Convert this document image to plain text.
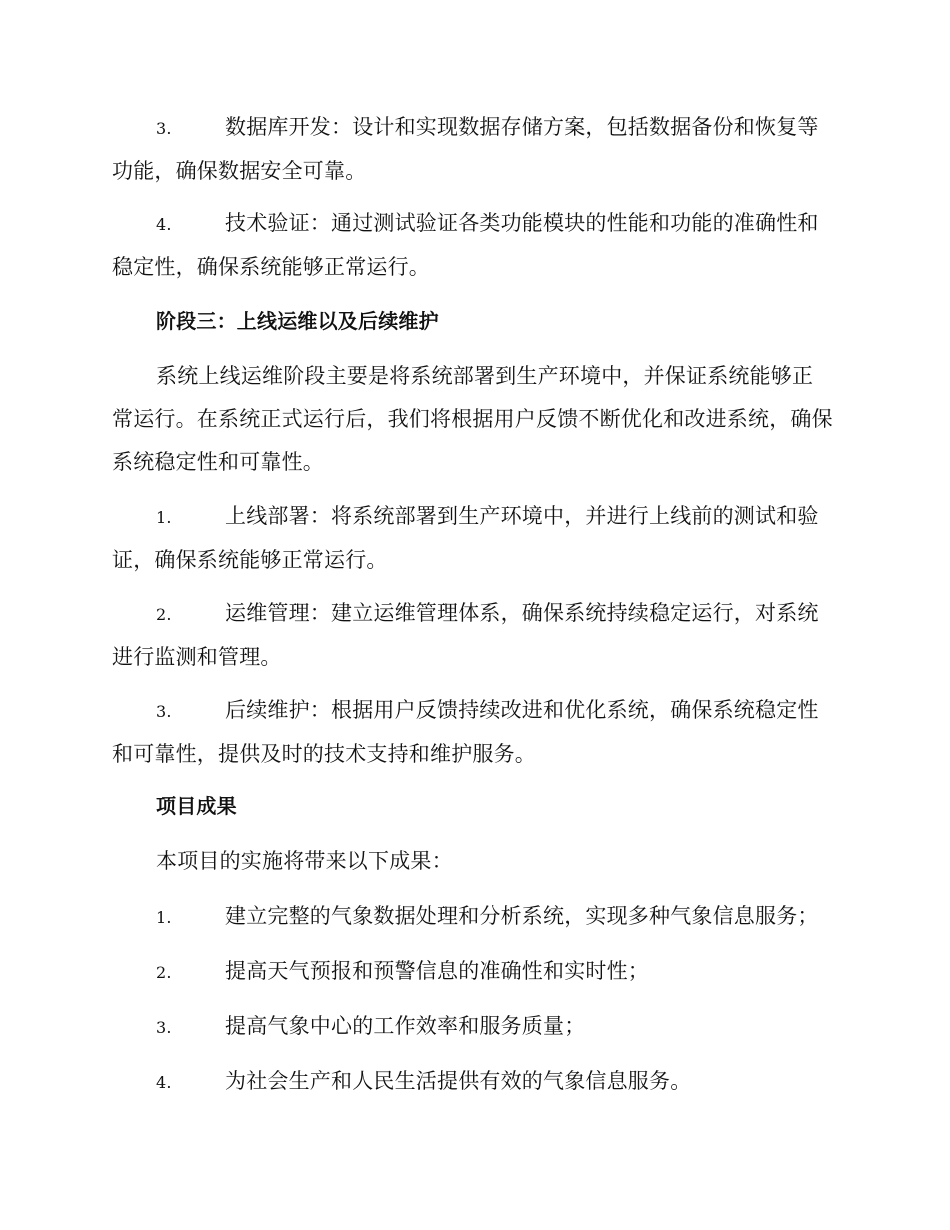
3.	数据库开发：设计和实现数据存储方案，包括数据备份和恢复等功能，确保数据安全可靠。
4.	技术验证：通过测试验证各类功能模块的性能和功能的准确性和稳定性，确保系统能够正常运行。
阶段三：上线运维以及后续维护
系统上线运维阶段主要是将系统部署到生产环境中，并保证系统能够正常运行。在系统正式运行后，我们将根据用户反馈不断优化和改进系统，确保系统稳定性和可靠性。
1.	上线部署：将系统部署到生产环境中，并进行上线前的测试和验证，确保系统能够正常运行。
2.	运维管理：建立运维管理体系，确保系统持续稳定运行，对系统进行监测和管理。
3.	后续维护：根据用户反馈持续改进和优化系统，确保系统稳定性和可靠性，提供及时的技术支持和维护服务。
项目成果
本项目的实施将带来以下成果：
1.	建立完整的气象数据处理和分析系统，实现多种气象信息服务；
2.	提高天气预报和预警信息的准确性和实时性；
3.	提高气象中心的工作效率和服务质量；
4.	为社会生产和人民生活提供有效的气象信息服务。
